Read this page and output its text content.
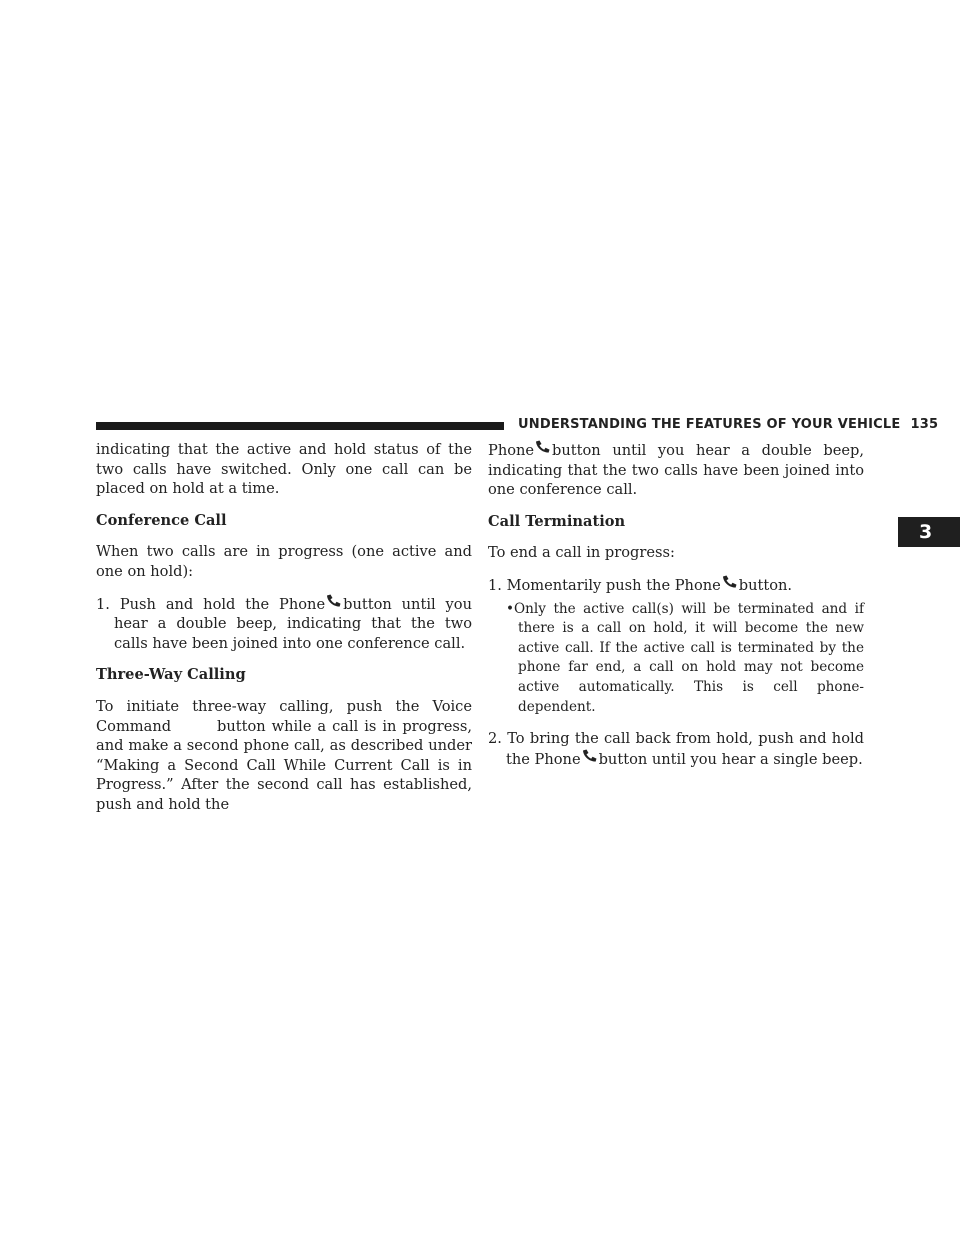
UNDERSTANDING THE FEATURES OF YOUR VEHICLE 135
3

indicating that the active and hold status of the two calls have switched. Only one call can be placed on hold at a time.

Conference Call

When two calls are in progress (one active and one on hold):

1. Push and hold the Phone button until you hear a double beep, indicating that the two calls have been joined into one conference call.

Three-Way Calling

To initiate three-way calling, push the Voice Command	button while a call is in progress, and make a second phone call, as described under “Making a Second Call While Current Call is in Progress.” After the second call has established, push and hold the

Phone button until you hear a double beep, indicating that the two calls have been joined into one conference call.

Call Termination

To end a call in progress:

1. Momentarily push the Phone button.

•Only the active call(s) will be terminated and if there is a call on hold, it will become the new active call. If the active call is terminated by the phone far end, a call on hold may not become active automatically. This is cell phone-dependent.

2. To bring the call back from hold, push and hold the Phone button until you hear a single beep.
